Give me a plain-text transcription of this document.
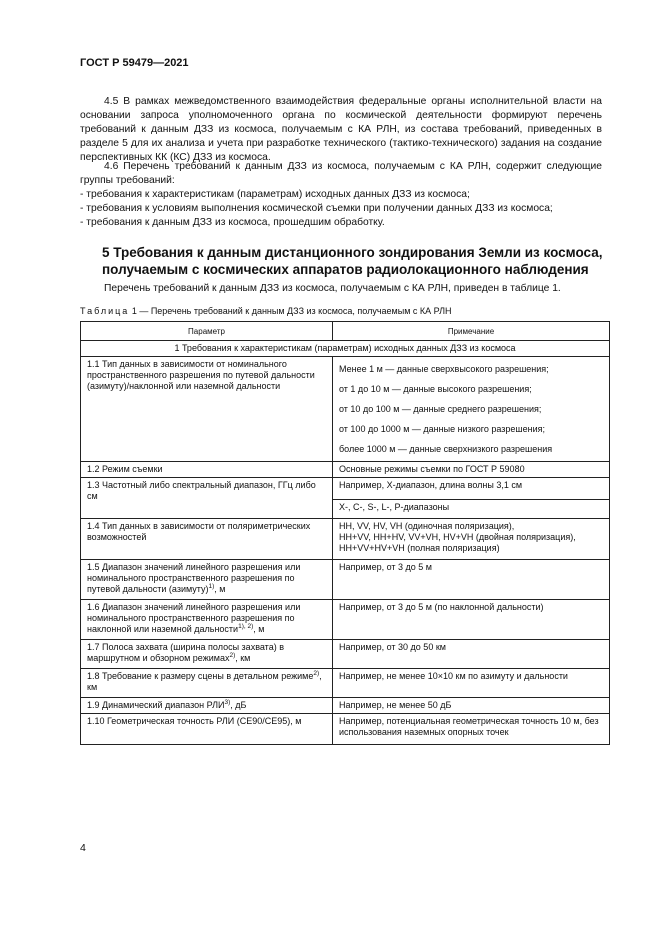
ГОСТ Р 59479—2021

4.5 В рамках межведомственного взаимодействия федеральные органы исполнительной власти на основании запроса уполномоченного органа по космической деятельности формируют перечень требований к данным ДЗЗ из космоса, получаемым с КА РЛН, из состава требований, приведенных в разделе 5 для их анализа и учета при разработке технического (тактико-технического) задания на создание перспективных КК (КС) ДЗЗ из космоса.

4.6 Перечень требований к данным ДЗЗ из космоса, получаемым с КА РЛН, содержит следующие группы требований:

- требования к характеристикам (параметрам) исходных данных ДЗЗ из космоса;

- требования к условиям выполнения космической съемки при получении данных ДЗЗ из космоса;

- требования к данным ДЗЗ из космоса, прошедшим обработку.

5 Требования к данным дистанционного зондирования Земли из космоса,
получаемым с космических аппаратов радиолокационного наблюдения
Перечень требований к данным ДЗЗ из космоса, получаемым с КА РЛН, приведен в таблице 1.
Таблица 1 — Перечень требований к данным ДЗЗ из космоса, получаемым с КА РЛН
Параметр	Примечание
1 Требования к характеристикам (параметрам) исходных данных ДЗЗ из космоса	
1.1 Тип данных в зависимости от номинального пространственного разрешения по путевой дальности (азимуту)/наклонной или наземной дальности	Менее 1 м — данные сверхвысокого разрешения;
от 1 до 10 м — данные высокого разрешения;
от 10 до 100 м — данные среднего разрешения;
от 100 до 1000 м — данные низкого разрешения;
более 1000 м — данные сверхнизкого разрешения

1.2 Режим съемки	Основные режимы съемки по ГОСТ Р 59080
1.3 Частотный либо спектральный диапазон, ГГц либо см	Например, Х-диапазон, длина волны 3,1 см
	X-, C-, S-, L-, P-диапазоны
1.4 Тип данных в зависимости от поляриметрических возможностей	HH, VV, HV, VH (одиночная поляризация),
HH+VV, HH+HV, VV+VH, HV+VH (двойная поляризация),
HH+VV+HV+VH (полная поляризация)

1.5 Диапазон значений линейного разрешения или номинального пространственного разрешения по путевой дальности (азимуту)$^{1)}$, м	Например, от 3 до 5 м
1.6 Диапазон значений линейного разрешения или номинального пространственного разрешения по наклонной или наземной дальности$^{1), 2)}$, м	Например, от 3 до 5 м (по наклонной дальности)
1.7 Полоса захвата (ширина полосы захвата) в маршрутном и обзорном режимах$^{2)}$, км	Например, от 30 до 50 км
1.8 Требование к размеру сцены в детальном режиме$^{2)}$, км	Например, не менее 10×10 км по азимуту и дальности
1.9 Динамический диапазон РЛИ$^{3)}$, дБ	Например, не менее 50 дБ
1.10 Геометрическая точность РЛИ (CE90/CE95), м	Например, потенциальная геометрическая точность 10 м, без использования наземных опорных точек
4
